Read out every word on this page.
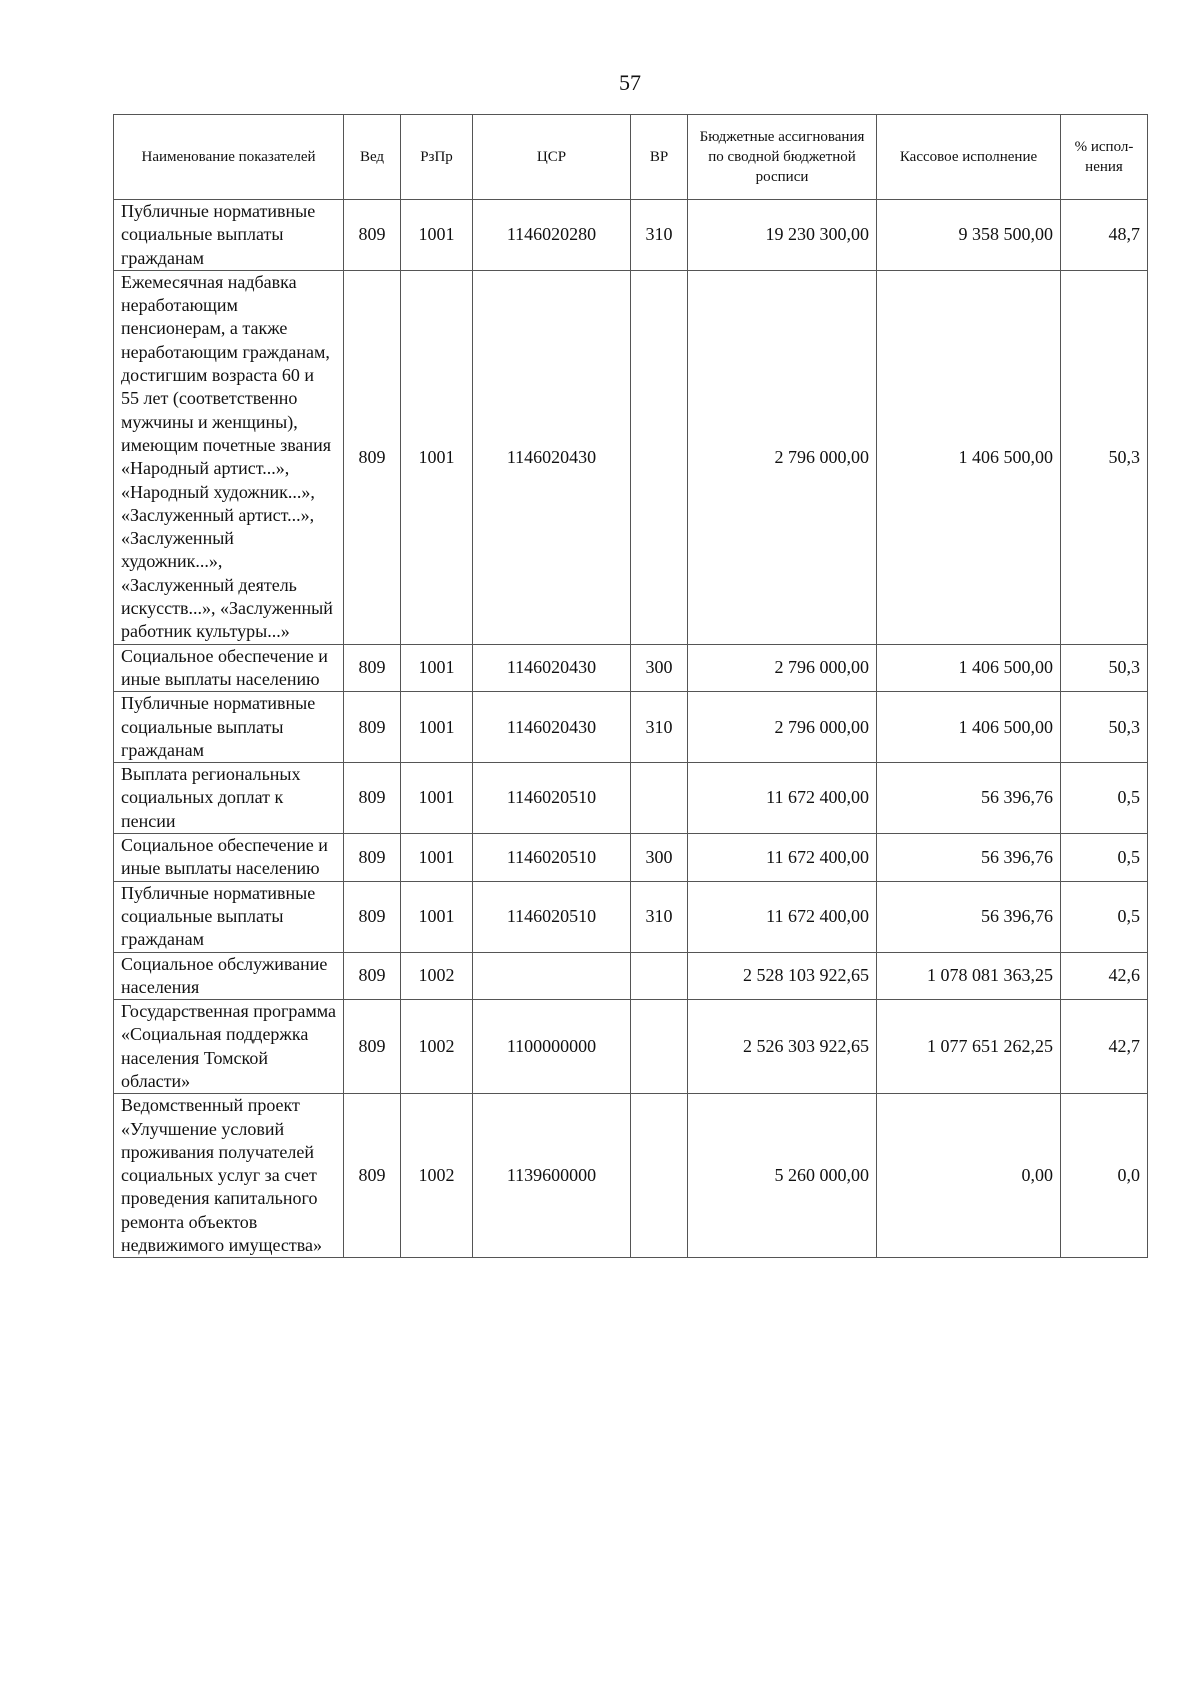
57
Наименование показателей	Вед	РзПр	ЦСР	ВР	Бюджетные ассигнования по сводной бюджетной росписи	Кассовое исполнение	% испол-нения
Публичные нормативные социальные выплаты гражданам	809	1001	1146020280	310	19 230 300,00	9 358 500,00	48,7
Ежемесячная надбавка неработающим пенсионерам, а также неработающим гражданам, достигшим возраста 60 и 55 лет (соответственно мужчины и женщины), имеющим почетные звания «Народный артист...», «Народный художник...», «Заслуженный артист...», «Заслуженный художник...», «Заслуженный деятель искусств...», «Заслуженный работник культуры...»	809	1001	1146020430		2 796 000,00	1 406 500,00	50,3
Социальное обеспечение и иные выплаты населению	809	1001	1146020430	300	2 796 000,00	1 406 500,00	50,3
Публичные нормативные социальные выплаты гражданам	809	1001	1146020430	310	2 796 000,00	1 406 500,00	50,3
Выплата региональных социальных доплат к пенсии	809	1001	1146020510		11 672 400,00	56 396,76	0,5
Социальное обеспечение и иные выплаты населению	809	1001	1146020510	300	11 672 400,00	56 396,76	0,5
Публичные нормативные социальные выплаты гражданам	809	1001	1146020510	310	11 672 400,00	56 396,76	0,5
Социальное обслуживание населения	809	1002			2 528 103 922,65	1 078 081 363,25	42,6
Государственная программа «Социальная поддержка населения Томской области»	809	1002	1100000000		2 526 303 922,65	1 077 651 262,25	42,7
Ведомственный проект «Улучшение условий проживания получателей социальных услуг за счет проведения капитального ремонта объектов недвижимого имущества»	809	1002	1139600000		5 260 000,00	0,00	0,0
